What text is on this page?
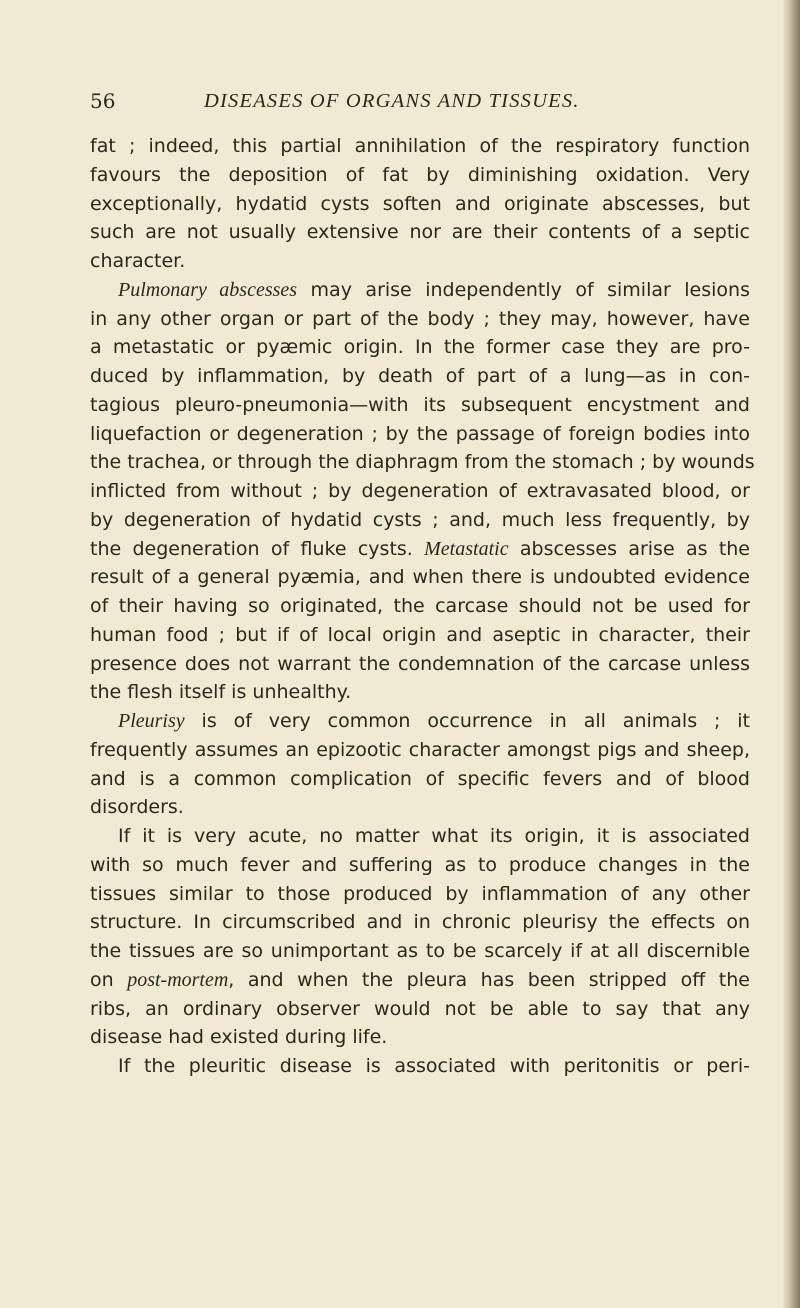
56	DISEASES OF ORGANS AND TISSUES.
fat ; indeed, this partial annihilation of the respiratory function
favours the deposition of fat by diminishing oxidation. Very
exceptionally, hydatid cysts soften and originate abscesses, but
such are not usually extensive nor are their contents of a septic
character.
Pulmonary abscesses may arise independently of similar lesions
in any other organ or part of the body ; they may, however, have
a metastatic or pyæmic origin. In the former case they are pro-
duced by inflammation, by death of part of a lung—as in con-
tagious pleuro-pneumonia—with its subsequent encystment and
liquefaction or degeneration ; by the passage of foreign bodies into
the trachea, or through the diaphragm from the stomach ; by wounds
inflicted from without ; by degeneration of extravasated blood, or
by degeneration of hydatid cysts ; and, much less frequently, by
the degeneration of fluke cysts. Metastatic abscesses arise as the
result of a general pyæmia, and when there is undoubted evidence
of their having so originated, the carcase should not be used for
human food ; but if of local origin and aseptic in character, their
presence does not warrant the condemnation of the carcase unless
the flesh itself is unhealthy.
Pleurisy is of very common occurrence in all animals ; it
frequently assumes an epizootic character amongst pigs and sheep,
and is a common complication of specific fevers and of blood
disorders.
If it is very acute, no matter what its origin, it is associated
with so much fever and suffering as to produce changes in the
tissues similar to those produced by inflammation of any other
structure. In circumscribed and in chronic pleurisy the effects on
the tissues are so unimportant as to be scarcely if at all discernible
on post-mortem, and when the pleura has been stripped off the
ribs, an ordinary observer would not be able to say that any
disease had existed during life.
If the pleuritic disease is associated with peritonitis or peri-
